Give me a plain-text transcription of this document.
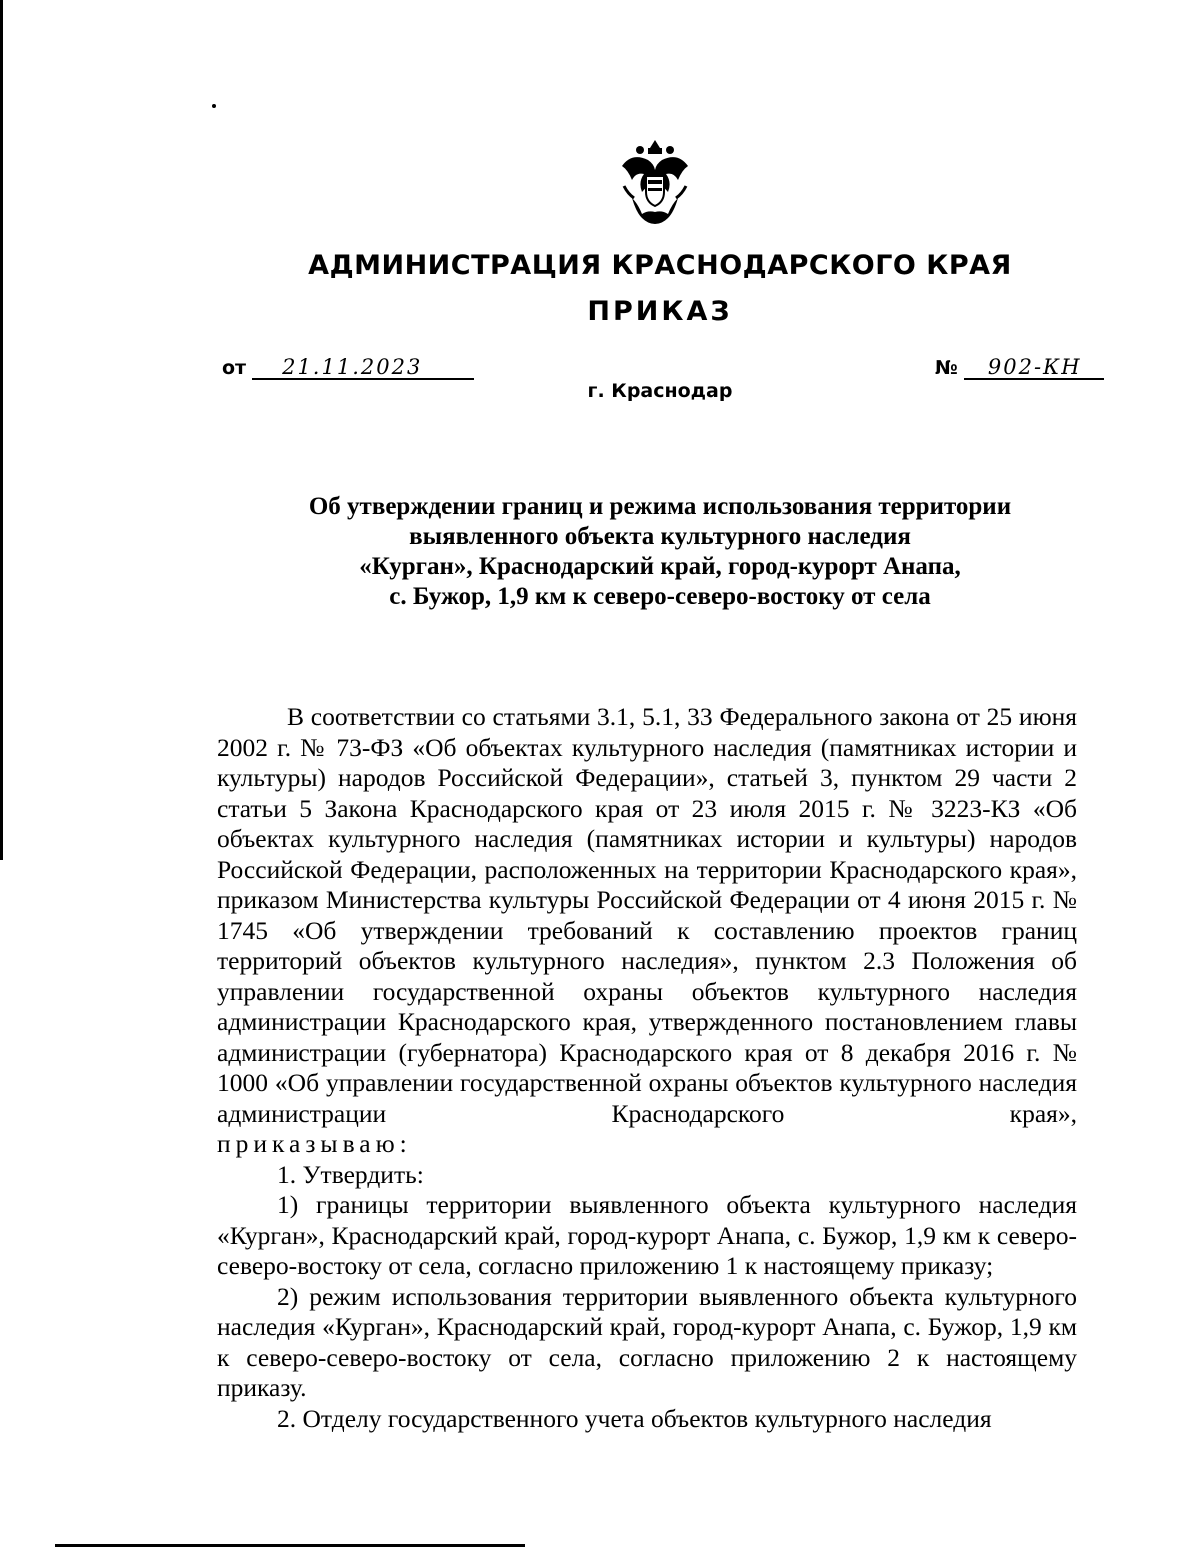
АДМИНИСТРАЦИЯ КРАСНОДАРСКОГО КРАЯ
ПРИКАЗ
от 21.11.2023	№ 902-КН
г. Краснодар
Об утверждении границ и режима использования территории
выявленного объекта культурного наследия
«Курган», Краснодарский край, город-курорт Анапа,
с. Бужор, 1,9 км к северо-северо-востоку от села

В соответствии со статьями 3.1, 5.1, 33 Федерального закона от 25 июня 2002 г. № 73-ФЗ «Об объектах культурного наследия (памятниках истории и культуры) народов Российской Федерации», статьей 3, пунктом 29 части 2 статьи 5 Закона Краснодарского края от 23 июля 2015 г. № 3223-КЗ «Об объектах культурного наследия (памятниках истории и культуры) народов Российской Федерации, расположенных на территории Краснодарского края», приказом Министерства культуры Российской Федерации от 4 июня 2015 г. № 1745 «Об утверждении требований к составлению проектов границ территорий объектов культурного наследия», пунктом 2.3 Положения об управлении государственной охраны объектов культурного наследия администрации Краснодарского края, утвержденного постановлением главы администрации (губернатора) Краснодарского края от 8 декабря 2016 г. № 1000 «Об управлении государственной охраны объектов культурного наследия администрации Краснодарского края»,

приказываю:

1. Утвердить:

1) границы территории выявленного объекта культурного наследия «Курган», Краснодарский край, город-курорт Анапа, с. Бужор, 1,9 км к северо-северо-востоку от села, согласно приложению 1 к настоящему приказу;

2) режим использования территории выявленного объекта культурного наследия «Курган», Краснодарский край, город-курорт Анапа, с. Бужор, 1,9 км к северо-северо-востоку от села, согласно приложению 2 к настоящему приказу.

2. Отделу государственного учета объектов культурного наследия
